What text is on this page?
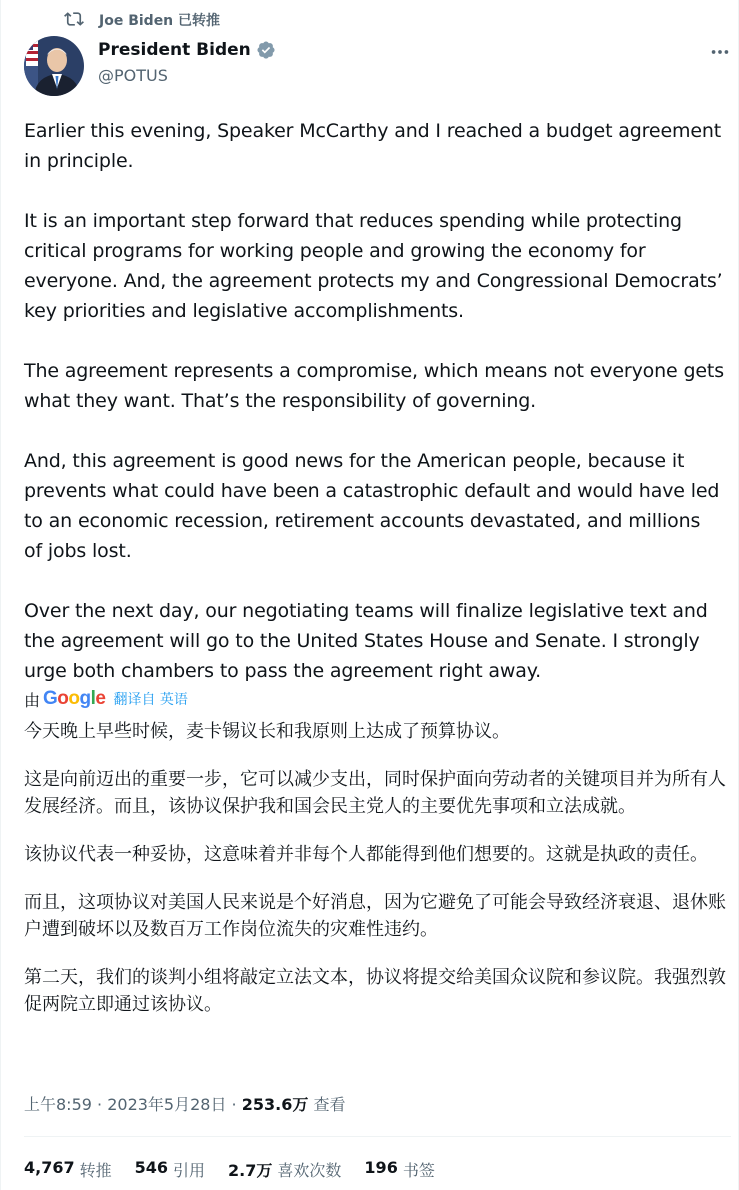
Joe Biden 已转推
President Biden
@POTUS

Earlier this evening, Speaker McCarthy and I reached a budget agreement in principle.

It is an important step forward that reduces spending while protecting critical programs for working people and growing the economy for everyone. And, the agreement protects my and Congressional Democrats’ key priorities and legislative accomplishments.

The agreement represents a compromise, which means not everyone gets what they want. That’s the responsibility of governing.

And, this agreement is good news for the American people, because it prevents what could have been a catastrophic default and would have led to an economic recession, retirement accounts devastated, and millions of jobs lost.

Over the next day, our negotiating teams will finalize legislative text and the agreement will go to the United States House and Senate. I strongly urge both chambers to pass the agreement right away.

由 Google 翻译自 英语

今天晚上早些时候，麦卡锡议长和我原则上达成了预算协议。

这是向前迈出的重要一步，它可以减少支出，同时保护面向劳动者的关键项目并为所有人发展经济。而且，该协议保护我和国会民主党人的主要优先事项和立法成就。

该协议代表一种妥协，这意味着并非每个人都能得到他们想要的。这就是执政的责任。

而且，这项协议对美国人民来说是个好消息，因为它避免了可能会导致经济衰退、退休账户遭到破坏以及数百万工作岗位流失的灾难性违约。

第二天，我们的谈判小组将敲定立法文本，协议将提交给美国众议院和参议院。我强烈敦促两院立即通过该协议。

上午8:59 · 2023年5月28日 · 253.6万 查看
4,767 转推 546 引用 2.7万 喜欢次数 196 书签
